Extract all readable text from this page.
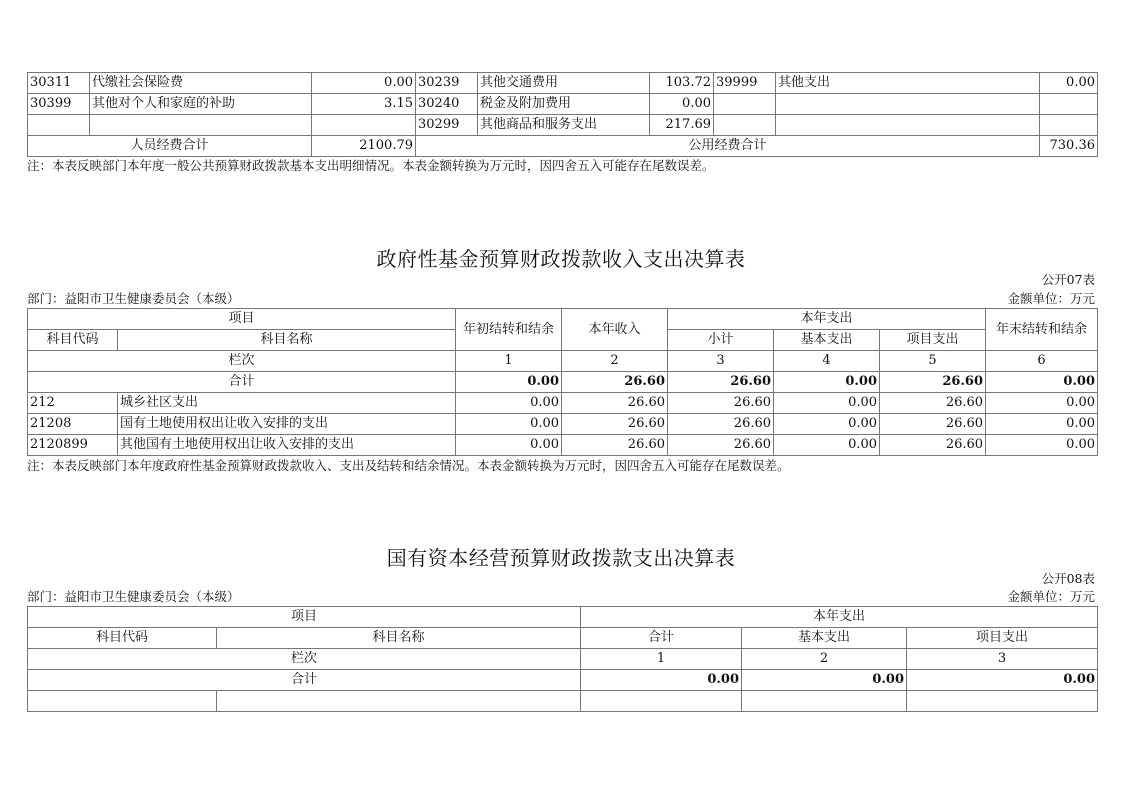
30311	代缴社会保险费	0.00	30239	其他交通费用	103.72	39999	其他支出	0.00
30399	其他对个人和家庭的补助	3.15	30240	税金及附加费用	0.00			
			30299	其他商品和服务支出	217.69			
人员经费合计		2100.79	公用经费合计					730.36
注：本表反映部门本年度一般公共预算财政拨款基本支出明细情况。本表金额转换为万元时，因四舍五入可能存在尾数误差。
政府性基金预算财政拨款收入支出决算表
公开07表
部门：益阳市卫生健康委员会（本级）	金额单位：万元
项目		年初结转和结余	本年收入	本年支出			年末结转和结余
科目代码	科目名称			小计	基本支出	项目支出	
栏次		1	2	3	4	5	6
合计		0.00	26.60	26.60	0.00	26.60	0.00
212	城乡社区支出	0.00	26.60	26.60	0.00	26.60	0.00
21208	国有土地使用权出让收入安排的支出	0.00	26.60	26.60	0.00	26.60	0.00
2120899	其他国有土地使用权出让收入安排的支出	0.00	26.60	26.60	0.00	26.60	0.00
注：本表反映部门本年度政府性基金预算财政拨款收入、支出及结转和结余情况。本表金额转换为万元时，因四舍五入可能存在尾数误差。
国有资本经营预算财政拨款支出决算表
公开08表
部门：益阳市卫生健康委员会（本级）	金额单位：万元
项目		本年支出		
科目代码	科目名称	合计	基本支出	项目支出
栏次		1	2	3
合计		0.00	0.00	0.00
